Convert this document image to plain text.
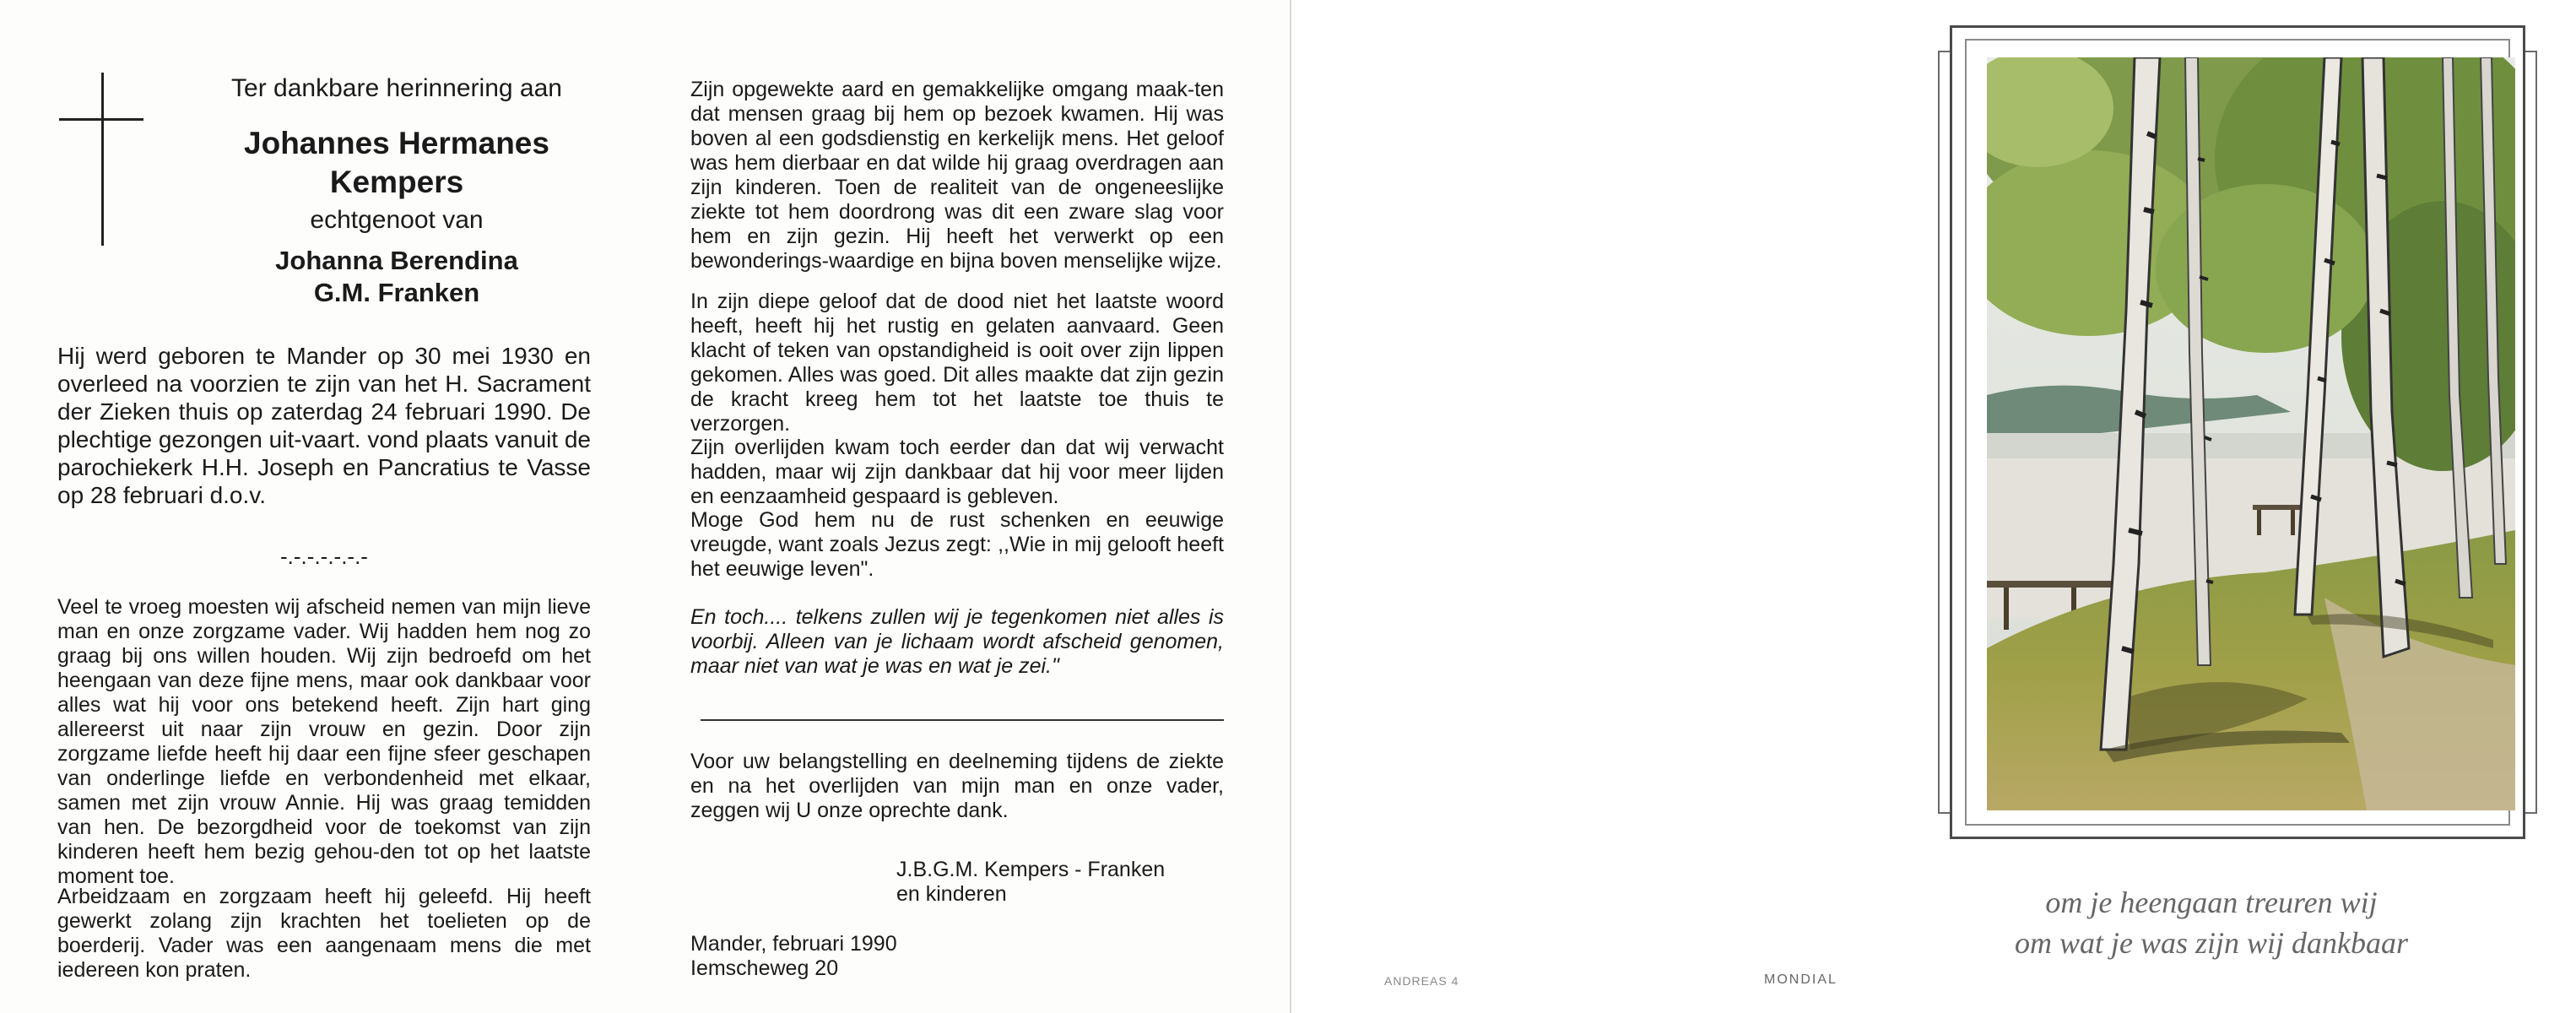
Ter dankbare herinnering aan
Johannes Hermanes
Kempers
echtgenoot van
Johanna Berendina
G.M. Franken
Hij werd geboren te Mander op 30 mei 1930 en overleed na voorzien te zijn van het H. Sacrament der Zieken thuis op zaterdag 24 februari 1990. De plechtige gezongen uit-vaart. vond plaats vanuit de parochiekerk H.H. Joseph en Pancratius te Vasse op 28 februari d.o.v.
-.-.-.-.-.-.-
Veel te vroeg moesten wij afscheid nemen van mijn lieve man en onze zorgzame vader. Wij hadden hem nog zo graag bij ons willen houden. Wij zijn bedroefd om het heengaan van deze fijne mens, maar ook dankbaar voor alles wat hij voor ons betekend heeft. Zijn hart ging allereerst uit naar zijn vrouw en gezin. Door zijn zorgzame liefde heeft hij daar een fijne sfeer geschapen van onderlinge liefde en verbondenheid met elkaar, samen met zijn vrouw Annie. Hij was graag temidden van hen. De bezorgdheid voor de toekomst van zijn kinderen heeft hem bezig gehou-den tot op het laatste moment toe.
Arbeidzaam en zorgzaam heeft hij geleefd. Hij heeft gewerkt zolang zijn krachten het toelieten op de boerderij. Vader was een aangenaam mens die met iedereen kon praten.
Zijn opgewekte aard en gemakkelijke omgang maak-ten dat mensen graag bij hem op bezoek kwamen. Hij was boven al een godsdienstig en kerkelijk mens. Het geloof was hem dierbaar en dat wilde hij graag overdragen aan zijn kinderen. Toen de realiteit van de ongeneeslijke ziekte tot hem doordrong was dit een zware slag voor hem en zijn gezin. Hij heeft het verwerkt op een bewonderings-waardige en bijna boven menselijke wijze.
In zijn diepe geloof dat de dood niet het laatste woord heeft, heeft hij het rustig en gelaten aanvaard. Geen klacht of teken van opstandigheid is ooit over zijn lippen gekomen. Alles was goed. Dit alles maakte dat zijn gezin de kracht kreeg hem tot het laatste toe thuis te verzorgen.
Zijn overlijden kwam toch eerder dan dat wij verwacht hadden, maar wij zijn dankbaar dat hij voor meer lijden en eenzaamheid gespaard is gebleven.
Moge God hem nu de rust schenken en eeuwige vreugde, want zoals Jezus zegt: ,,Wie in mij gelooft heeft het eeuwige leven".
En toch.... telkens zullen wij je tegenkomen niet alles is voorbij. Alleen van je lichaam wordt afscheid genomen, maar niet van wat je was en wat je zei."
Voor uw belangstelling en deelneming tijdens de ziekte en na het overlijden van mijn man en onze vader, zeggen wij U onze oprechte dank.
J.B.G.M. Kempers - Franken
en kinderen
Mander, februari 1990
Iemscheweg 20
om je heengaan treuren wij
om wat je was zijn wij dankbaar
ANDREAS 4	MONDIAL
